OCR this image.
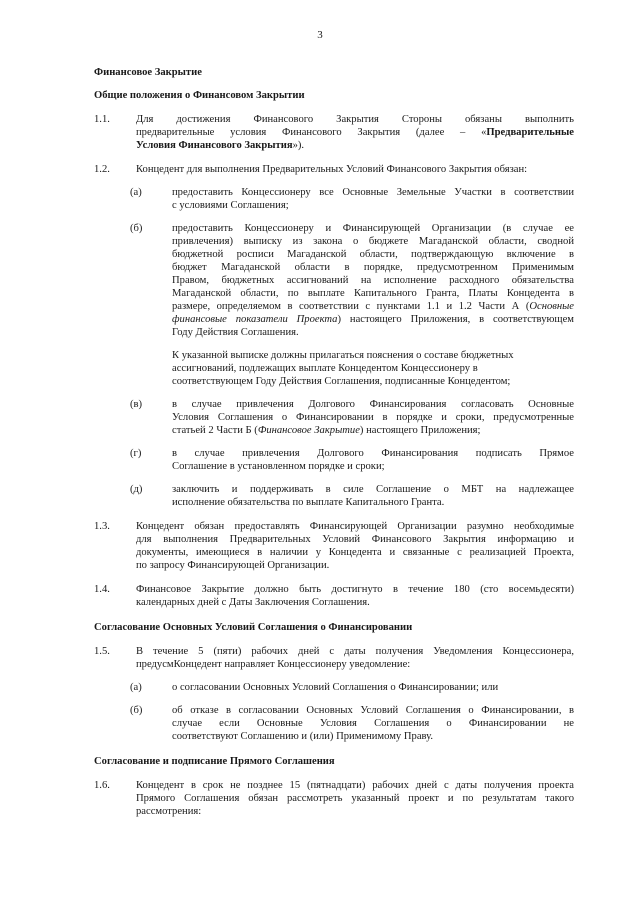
3
Финансовое Закрытие
Общие положения о Финансовом Закрытии
1.1. Для достижения Финансового Закрытия Стороны обязаны выполнить
предварительные условия Финансового Закрытия (далее – «Предварительные
Условия Финансового Закрытия»).
1.2. Концедент для выполнения Предварительных Условий Финансового Закрытия обязан:
(а)	предоставить Концессионеру все Основные Земельные Участки в соответствии
с условиями Соглашения;
(б)	предоставить Концессионеру и Финансирующей Организации (в случае ее
привлечения) выписку из закона о бюджете Магаданской области, сводной
бюджетной росписи Магаданской области, подтверждающую включение в
бюджет Магаданской области в порядке, предусмотренном Применимым
Правом, бюджетных ассигнований на исполнение расходного обязательства
Магаданской области, по выплате Капитального Гранта, Платы Концедента в
размере, определяемом в соответствии с пунктами 1.1 и 1.2 Части А (Основные
финансовые показатели Проекта) настоящего Приложения, в соответствующем
Году Действия Соглашения.
К указанной выписке должны прилагаться пояснения о составе бюджетных
ассигнований, подлежащих выплате Концедентом Концессионеру в
соответствующем Году Действия Соглашения, подписанные Концедентом;
(в)	в случае привлечения Долгового Финансирования согласовать Основные
Условия Соглашения о Финансировании в порядке и сроки, предусмотренные
статьей 2 Части Б (Финансовое Закрытие) настоящего Приложения;
(г)	в случае привлечения Долгового Финансирования подписать Прямое
Соглашение в установленном порядке и сроки;
(д)	заключить и поддерживать в силе Соглашение о МБТ на надлежащее
исполнение обязательства по выплате Капитального Гранта.
1.3. Концедент обязан предоставлять Финансирующей Организации разумно необходимые
для выполнения Предварительных Условий Финансового Закрытия информацию и
документы, имеющиеся в наличии у Концедента и связанные с реализацией Проекта,
по запросу Финансирующей Организации.
1.4. Финансовое Закрытие должно быть достигнуто в течение 180 (сто восемьдесяти)
календарных дней с Даты Заключения Соглашения.
Согласование Основных Условий Соглашения о Финансировании
1.5. В течение 5 (пяти) рабочих дней с даты получения Уведомления Концессионера,
предусмКонцедент направляет Концессионеру уведомление:
(а)	о согласовании Основных Условий Соглашения о Финансировании; или
(б)	об отказе в согласовании Основных Условий Соглашения о Финансировании, в
случае если Основные Условия Соглашения о Финансировании не
соответствуют Соглашению и (или) Применимому Праву.
Согласование и подписание Прямого Соглашения
1.6. Концедент в срок не позднее 15 (пятнадцати) рабочих дней с даты получения проекта
Прямого Соглашения обязан рассмотреть указанный проект и по результатам такого
рассмотрения:
